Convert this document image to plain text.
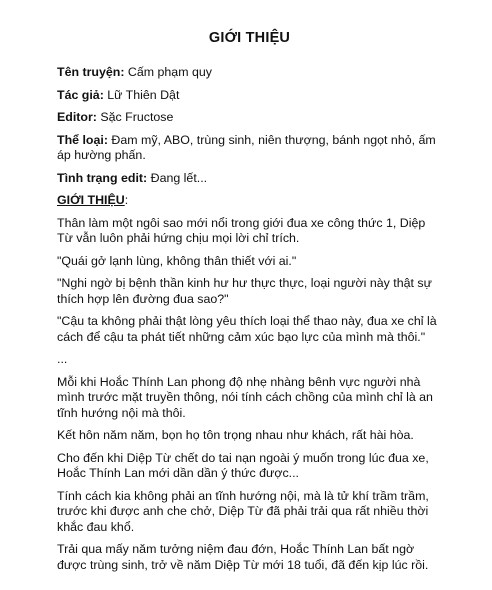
GIỚI THIỆU
Tên truyện: Cấm phạm quy
Tác giả: Lữ Thiên Dật
Editor: Sặc Fructose
Thể loại: Đam mỹ, ABO, trùng sinh, niên thượng, bánh ngọt nhỏ, ấm áp hường phấn.
Tình trạng edit: Đang lết...
GIỚI THIỆU:
Thân làm một ngôi sao mới nổi trong giới đua xe công thức 1, Diệp Từ vẫn luôn phải hứng chịu mọi lời chỉ trích.
"Quái gở lạnh lùng, không thân thiết với ai."
"Nghi ngờ bị bệnh thần kinh hư hư thực thực, loại người này thật sự thích hợp lên đường đua sao?"
"Cậu ta không phải thật lòng yêu thích loại thể thao này, đua xe chỉ là cách để cậu ta phát tiết những cảm xúc bạo lực của mình mà thôi."
...
Mỗi khi Hoắc Thính Lan phong độ nhẹ nhàng bênh vực người nhà mình trước mặt truyền thông, nói tính cách chồng của mình chỉ là an tĩnh hướng nội mà thôi.
Kết hôn năm năm, bọn họ tôn trọng nhau như khách, rất hài hòa.
Cho đến khi Diệp Từ chết do tai nạn ngoài ý muốn trong lúc đua xe, Hoắc Thính Lan mới dần dần ý thức được...
Tính cách kia không phải an tĩnh hướng nội, mà là tử khí trầm trầm, trước khi được anh che chở, Diệp Từ đã phải trải qua rất nhiều thời khắc đau khổ.
Trải qua mấy năm tưởng niệm đau đớn, Hoắc Thính Lan bất ngờ được trùng sinh, trở về năm Diệp Từ mới 18 tuổi, đã đến kịp lúc rồi.
